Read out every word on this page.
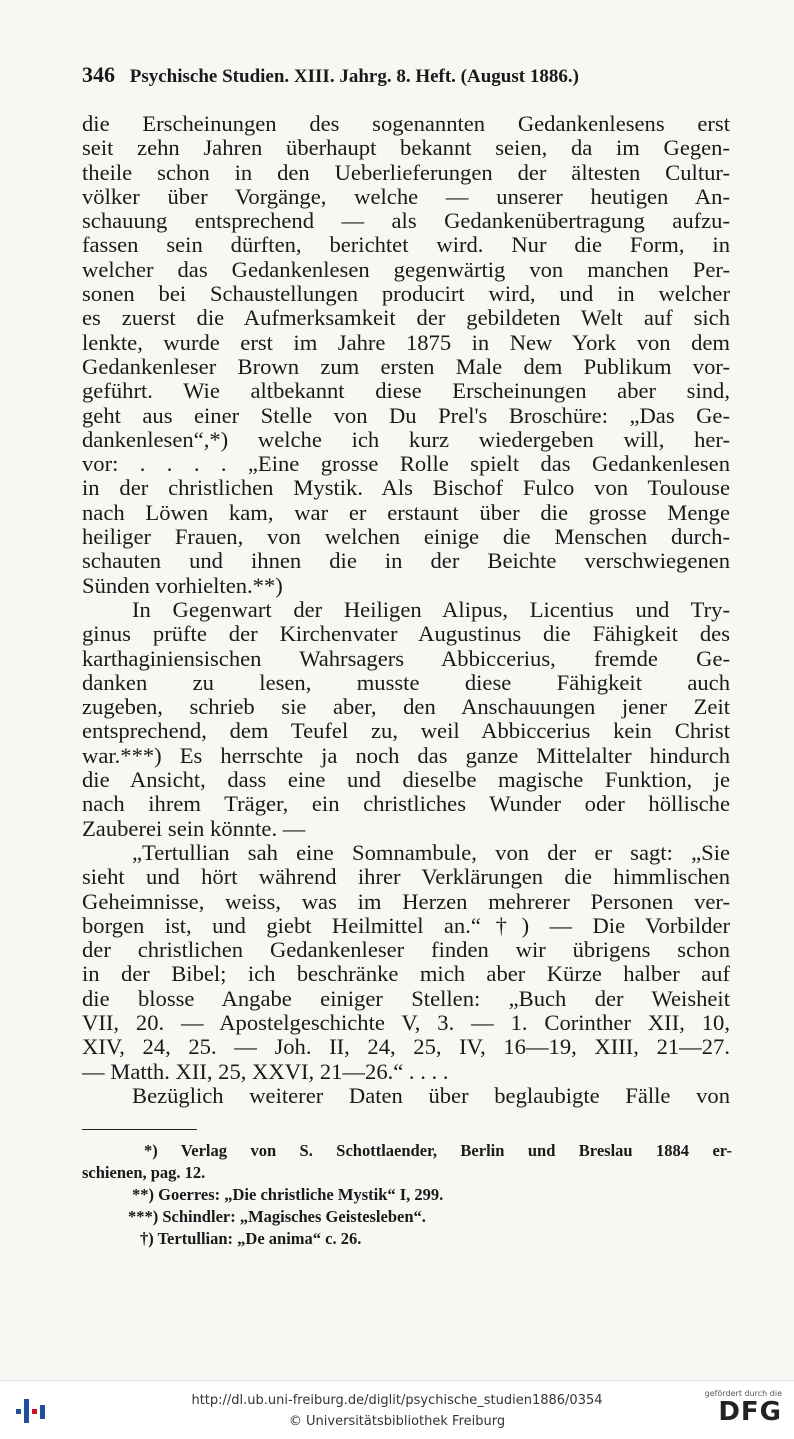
346 Psychische Studien. XIII. Jahrg. 8. Heft. (August 1886.)
die Erscheinungen des sogenannten Gedankenlesens erst
seit zehn Jahren überhaupt bekannt seien, da im Gegen-
theile schon in den Ueberlieferungen der ältesten Cultur-
völker über Vorgänge, welche — unserer heutigen An-
schauung entsprechend — als Gedankenübertragung aufzu-
fassen sein dürften, berichtet wird. Nur die Form, in
welcher das Gedankenlesen gegenwärtig von manchen Per-
sonen bei Schaustellungen producirt wird, und in welcher
es zuerst die Aufmerksamkeit der gebildeten Welt auf sich
lenkte, wurde erst im Jahre 1875 in New York von dem
Gedankenleser Brown zum ersten Male dem Publikum vor-
geführt. Wie altbekannt diese Erscheinungen aber sind,
geht aus einer Stelle von Du Prel's Broschüre: „Das Ge-
dankenlesen“,*) welche ich kurz wiedergeben will, her-
vor: . . . . „Eine grosse Rolle spielt das Gedankenlesen
in der christlichen Mystik. Als Bischof Fulco von Toulouse
nach Löwen kam, war er erstaunt über die grosse Menge
heiliger Frauen, von welchen einige die Menschen durch-
schauten und ihnen die in der Beichte verschwiegenen
Sünden vorhielten.**)
In Gegenwart der Heiligen Alipus, Licentius und Try-
ginus prüfte der Kirchenvater Augustinus die Fähigkeit des
karthaginiensischen Wahrsagers Abbiccerius, fremde Ge-
danken zu lesen, musste diese Fähigkeit auch
zugeben, schrieb sie aber, den Anschauungen jener Zeit
entsprechend, dem Teufel zu, weil Abbiccerius kein Christ
war.***) Es herrschte ja noch das ganze Mittelalter hindurch
die Ansicht, dass eine und dieselbe magische Funktion, je
nach ihrem Träger, ein christliches Wunder oder höllische
Zauberei sein könnte. —
„Tertullian sah eine Somnambule, von der er sagt: „Sie
sieht und hört während ihrer Verklärungen die himmlischen
Geheimnisse, weiss, was im Herzen mehrerer Personen ver-
borgen ist, und giebt Heilmittel an.“†) — Die Vorbilder
der christlichen Gedankenleser finden wir übrigens schon
in der Bibel; ich beschränke mich aber Kürze halber auf
die blosse Angabe einiger Stellen: „Buch der Weisheit
VII, 20. — Apostelgeschichte V, 3. — 1. Corinther XII, 10,
XIV, 24, 25. — Joh. II, 24, 25, IV, 16—19, XIII, 21—27.
— Matth. XII, 25, XXVI, 21—26.“ . . . .
Bezüglich weiterer Daten über beglaubigte Fälle von
*) Verlag von S. Schottlaender, Berlin und Breslau 1884 er-
schienen, pag. 12.
**) Goerres: „Die christliche Mystik“ I, 299.
***) Schindler: „Magisches Geistesleben“.
†) Tertullian: „De anima“ c. 26.
http://dl.ub.uni-freiburg.de/diglit/psychische_studien1886/0354
© Universitätsbibliothek Freiburg
gefördert durch die
DFG
